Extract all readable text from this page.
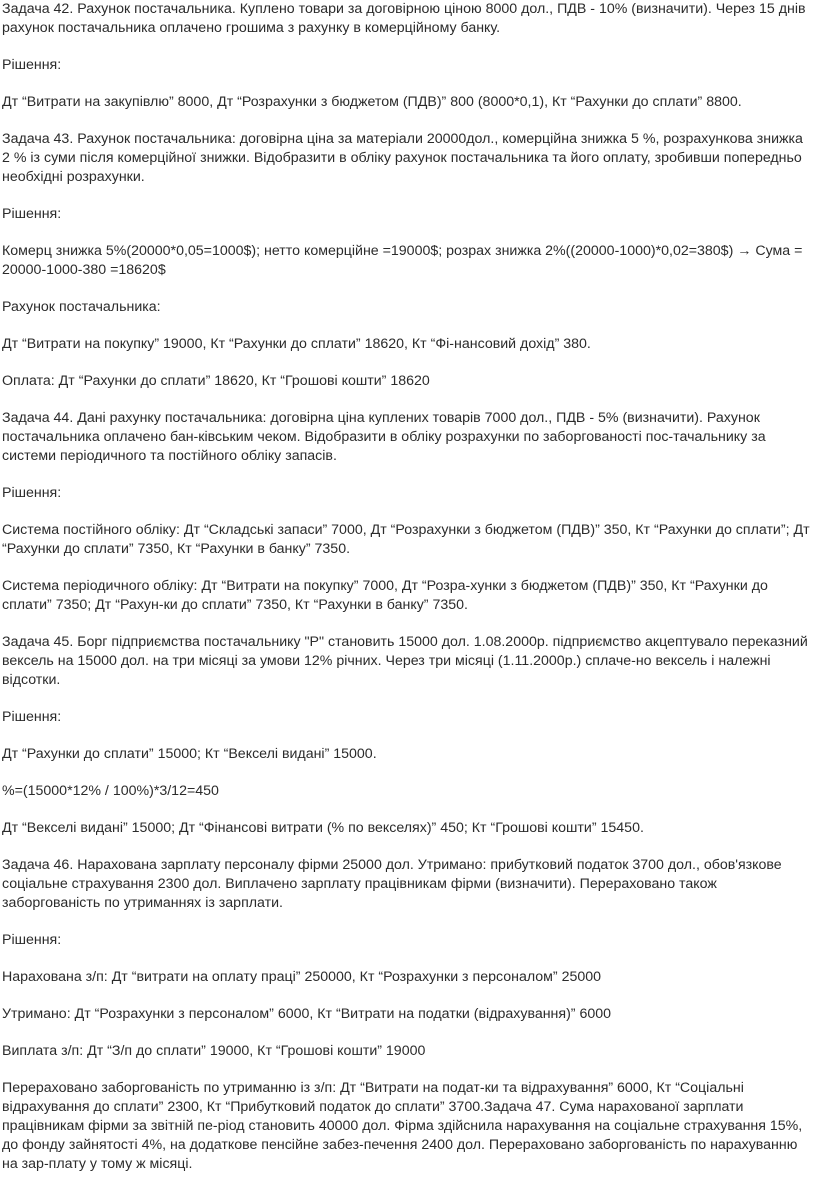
Задача 42. Рахунок постачальника. Куплено товари за договірною ціною 8000 дол., ПДВ - 10% (визначити). Через 15 днів рахунок постачальника оплачено грошима з рахунку в комерційному банку.

Рішення:

Дт “Витрати на закупівлю” 8000, Дт “Розрахунки з бюджетом (ПДВ)” 800 (8000*0,1), Кт “Рахунки до сплати” 8800.

Задача 43. Рахунок постачальника: договірна ціна за матеріали 20000дол., комерційна знижка 5 %, розрахункова знижка 2 % із суми після комерційної знижки. Відобразити в обліку рахунок постачальника та його оплату, зробивши попередньо необхідні розрахунки.

Рішення:

Комерц знижка 5%(20000*0,05=1000$); нетто комерційне =19000$; розрах знижка 2%((20000-1000)*0,02=380$) → Сума = 20000-1000-380 =18620$

Рахунок постачальника:

Дт “Витрати на покупку” 19000, Кт “Рахунки до сплати” 18620, Кт “Фі-нансовий дохід” 380.

Оплата: Дт “Рахунки до сплати” 18620, Кт “Грошові кошти” 18620

Задача 44. Дані рахунку постачальника: договірна ціна куплених товарів 7000 дол., ПДВ - 5% (визначити). Рахунок постачальника оплачено бан-ківським чеком. Відобразити в обліку розрахунки по заборгованості пос-тачальнику за системи періодичного та постійного обліку запасів.

Рішення:

Система постійного обліку: Дт “Складські запаси” 7000, Дт “Розрахунки з бюджетом (ПДВ)” 350, Кт “Рахунки до сплати”; Дт “Рахунки до сплати” 7350, Кт “Рахунки в банку” 7350.

Система періодичного обліку: Дт “Витрати на покупку” 7000, Дт “Розра-хунки з бюджетом (ПДВ)” 350, Кт “Рахунки до сплати” 7350; Дт “Рахун-ки до сплати” 7350, Кт “Рахунки в банку” 7350.

Задача 45. Борг підприємства постачальнику "Р" становить 15000 дол. 1.08.2000р. підприємство акцептувало переказний вексель на 15000 дол. на три місяці за умови 12% річних. Через три місяці (1.11.2000р.) сплаче-но вексель і належні відсотки.

Рішення:

Дт “Рахунки до сплати” 15000; Кт “Векселі видані” 15000.

%=(15000*12% / 100%)*3/12=450

Дт “Векселі видані” 15000; Дт “Фінансові витрати (% по векселях)” 450; Кт “Грошові кошти” 15450.

Задача 46. Нарахована зарплату персоналу фірми 25000 дол. Утримано: прибутковий податок 3700 дол., обов'язкове соціальне страхування 2300 дол. Виплачено зарплату працівникам фірми (визначити). Перераховано також заборгованість по утриманнях із зарплати.

Рішення:

Нарахована з/п: Дт “витрати на оплату праці” 250000, Кт “Розрахунки з персоналом” 25000

Утримано: Дт “Розрахунки з персоналом” 6000, Кт “Витрати на податки (відрахування)” 6000

Виплата з/п: Дт “З/п до сплати” 19000, Кт “Грошові кошти” 19000

Перераховано заборгованість по утриманню із з/п: Дт “Витрати на подат-ки та відрахування” 6000, Кт “Соціальні відрахування до сплати” 2300, Кт “Прибутковий податок до сплати” 3700.Задача 47. Сума нарахованої зарплати працівникам фірми за звітній пе-ріод становить 40000 дол. Фірма здійснила нарахування на соціальне страхування 15%, до фонду зайнятості 4%, на додаткове пенсійне забез-печення 2400 дол. Перераховано заборгованість по нарахуванню на зар-плату у тому ж місяці.
